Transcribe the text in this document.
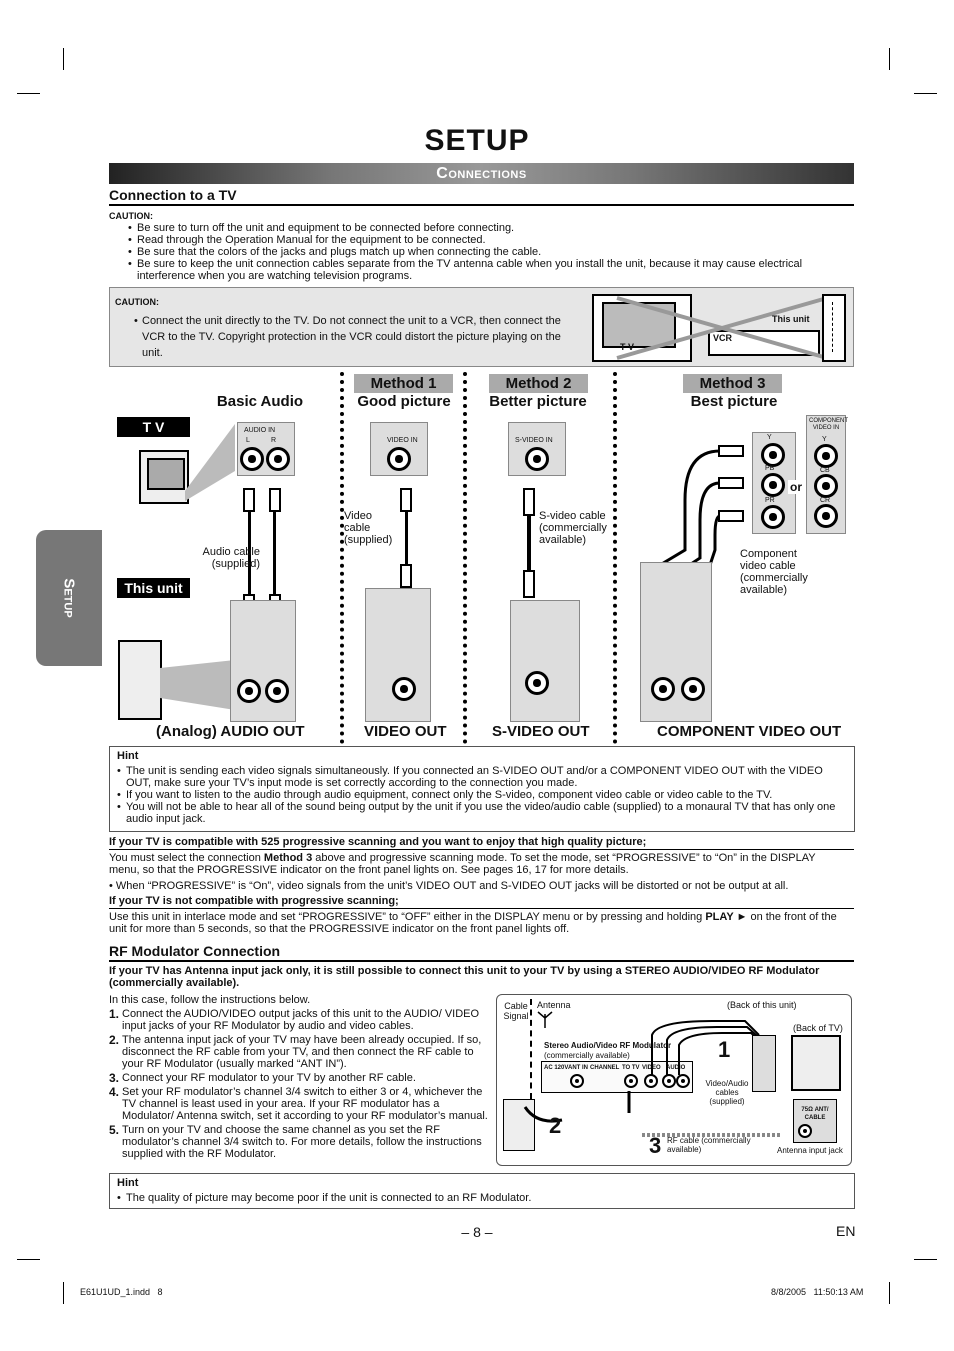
SETUP
Connections
Setup
Connection to a TV
CAUTION:
• Be sure to turn off the unit and equipment to be connected before connecting.
• Read through the Operation Manual for the equipment to be connected.
• Be sure that the colors of the jacks and plugs match up when connecting the cable.
• Be sure to keep the unit connection cables separate from the TV antenna cable when you install the unit, because it may cause electrical interference when you are watching television programs.
CAUTION:
• Connect the unit directly to the TV. Do not connect the unit to a VCR, then connect the VCR to the TV. Copyright protection in the VCR could distort the picture playing on the unit.	T V
VCR
This unit
Basic Audio
Method 1
Good picture
Method 2
Better picture
Method 3
Best picture
T V
This unit
AUDIO IN
L	R
Audio cable (supplied)
(Analog) AUDIO OUT
VIDEO IN
Video cable (supplied)
VIDEO OUT
S-VIDEO IN
S-video cable (commercially available)
S-VIDEO OUT
Y
PB
PR
or
COMPONENT VIDEO IN
Y
CB
CR
Component video cable (commercially available)
COMPONENT VIDEO OUT
Hint
• The unit is sending each video signals simultaneously. If you connected an S-VIDEO OUT and/or a COMPONENT VIDEO OUT with the VIDEO OUT, make sure your TV’s input mode is set correctly according to the connection you made.
• If you want to listen to the audio through audio equipment, connect only the S-video, component video cable or video cable to the TV.
• You will not be able to hear all of the sound being output by the unit if you use the video/audio cable (supplied) to a monaural TV that has only one audio input jack.
If your TV is compatible with 525 progressive scanning and you want to enjoy that high quality picture;
You must select the connection Method 3 above and progressive scanning mode. To set the mode, set “PROGRESSIVE” to “On” in the DISPLAY menu, so that the PROGRESSIVE indicator on the front panel lights on. See pages 16, 17 for more details.
• When “PROGRESSIVE” is “On”, video signals from the unit’s VIDEO OUT and S-VIDEO OUT jacks will be distorted or not be output at all.
If your TV is not compatible with progressive scanning;
Use this unit in interlace mode and set “PROGRESSIVE” to “OFF” either in the DISPLAY menu or by pressing and holding PLAY ► on the front of the unit for more than 5 seconds, so that the PROGRESSIVE indicator on the front panel lights off.
RF Modulator Connection
If your TV has Antenna input jack only, it is still possible to connect this unit to your TV by using a STEREO AUDIO/VIDEO RF Modulator (commercially available).
In this case, follow the instructions below.
1. Connect the AUDIO/VIDEO output jacks of this unit to the AUDIO/ VIDEO input jacks of your RF Modulator by audio and video cables.
2. The antenna input jack of your TV may have been already occupied. If so, disconnect the RF cable from your TV, and then connect the RF cable to your RF Modulator (usually marked “ANT IN”).
3. Connect your RF modulator to your TV by another RF cable.
4. Set your RF modulator’s channel 3/4 switch to either 3 or 4, whichever the TV channel is least used in your area. If your RF modulator has a Modulator/ Antenna switch, set it according to your RF modulator’s manual.
5. Turn on your TV and choose the same channel as you set the RF modulator’s channel 3/4 switch to. For more details, follow the instructions supplied with the RF Modulator.
Cable Signal
Antenna	(Back of this unit)
(Back of TV)
Stereo Audio/Video RF Modulator
(commercially available)
AC 120V ANT IN CHANNEL TO TV VIDEO AUDIO
Video/Audio cables (supplied)
75Ω ANT/ CABLE
Antenna input jack
RF cable (commercially available)
1
2
3
Hint
• The quality of picture may become poor if the unit is connected to an RF Modulator.
– 8 –	EN
E61U1UD_1.indd   8	8/8/2005   11:50:13 AM
